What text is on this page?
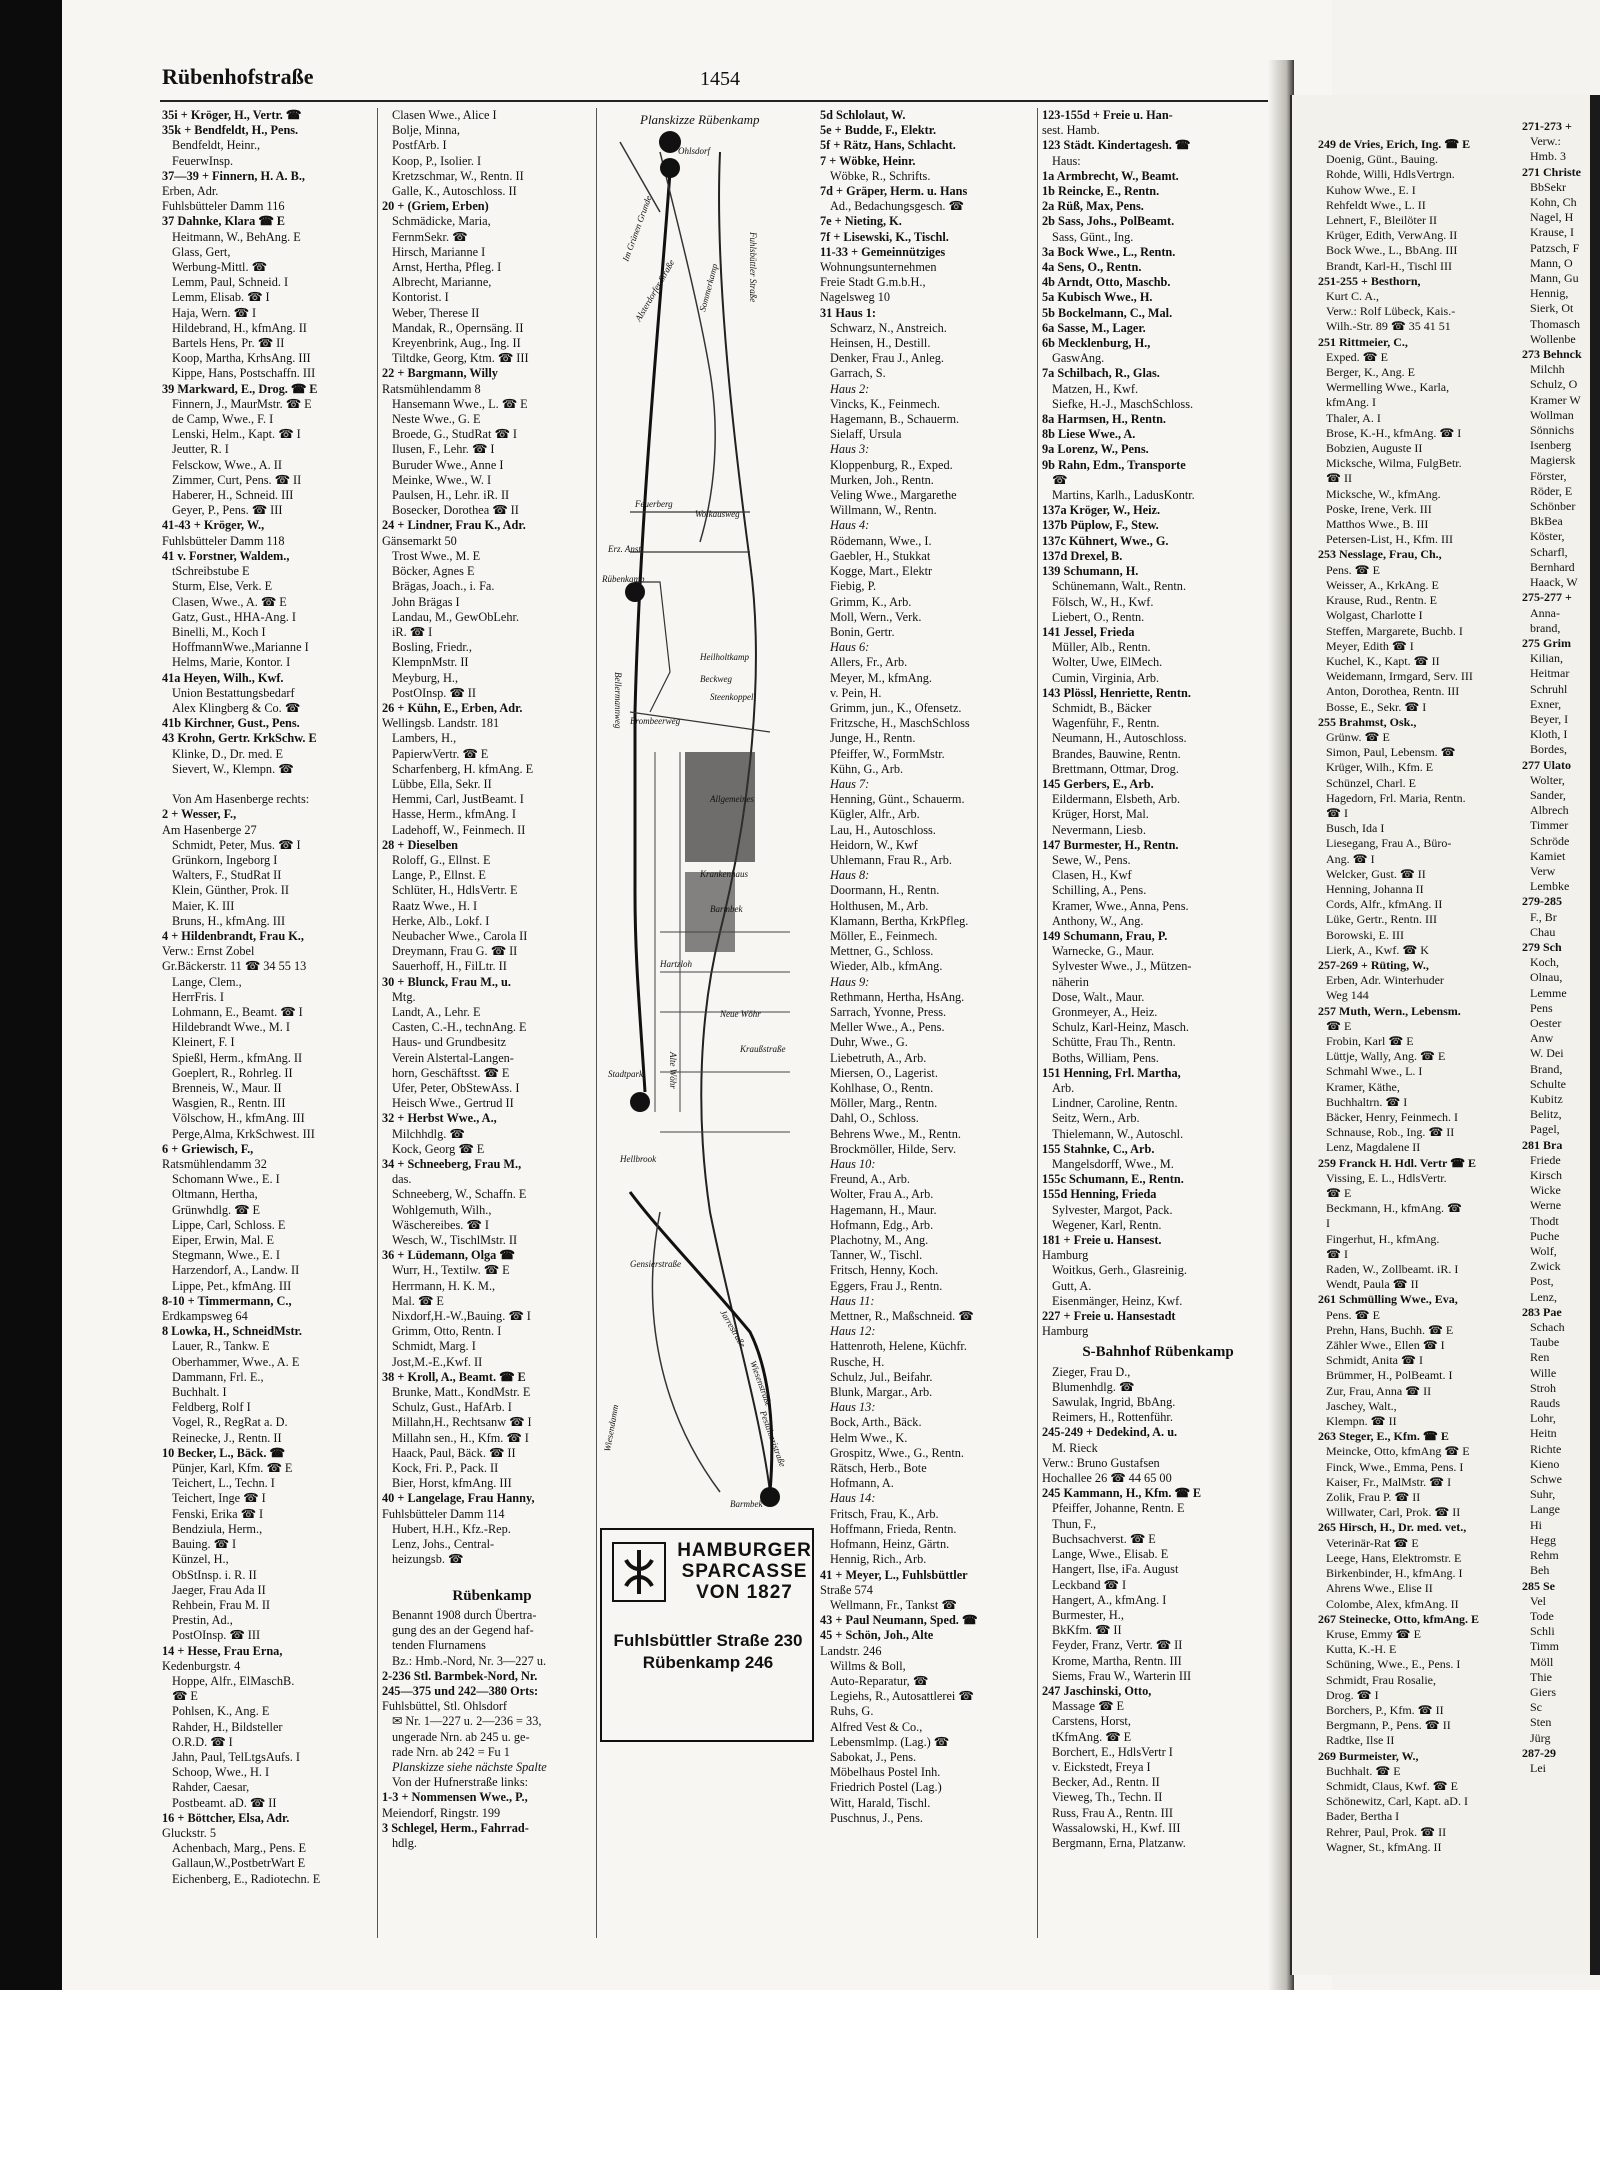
Rübenhofstraße	1454
35i + Kröger, H., Vertr. ☎
35k + Bendfeldt, H., Pens.
Bendfeldt, Heinr.,
FeuerwInsp.
37—39 + Finnern, H. A. B.,
Erben, Adr.
Fuhlsbütteler Damm 116
37 Dahnke, Klara ☎ E
Heitmann, W., BehAng. E
Glass, Gert,
Werbung-Mittl. ☎
Lemm, Paul, Schneid. I
Lemm, Elisab. ☎ I
Haja, Wern. ☎ I
Hildebrand, H., kfmAng. II
Bartels Hens, Pr. ☎ II
Koop, Martha, KrhsAng. III
Kippe, Hans, Postschaffn. III
39 Markward, E., Drog. ☎ E
Finnern, J., MaurMstr. ☎ E
de Camp, Wwe., F. I
Lenski, Helm., Kapt. ☎ I
Jeutter, R. I
Felsckow, Wwe., A. II
Zimmer, Curt, Pens. ☎ II
Haberer, H., Schneid. III
Geyer, P., Pens. ☎ III
41-43 + Kröger, W.,
Fuhlsbütteler Damm 118
41 v. Forstner, Waldem.,
tSchreibstube E
Sturm, Else, Verk. E
Clasen, Wwe., A. ☎ E
Gatz, Gust., HHA-Ang. I
Binelli, M., Koch I
HoffmannWwe.,Marianne I
Helms, Marie, Kontor. I
41a Heyen, Wilh., Kwf.
Union Bestattungsbedarf
Alex Klingberg & Co. ☎
41b Kirchner, Gust., Pens.
43 Krohn, Gertr. KrkSchw. E
Klinke, D., Dr. med. E
Sievert, W., Klempn. ☎

Von Am Hasenberge rechts:
2 + Wesser, F.,
Am Hasenberge 27
Schmidt, Peter, Mus. ☎ I
Grünkorn, Ingeborg I
Walters, F., StudRat II
Klein, Günther, Prok. II
Maier, K. III
Bruns, H., kfmAng. III
4 + Hildenbrandt, Frau K.,
Verw.: Ernst Zobel
Gr.Bäckerstr. 11 ☎ 34 55 13
Lange, Clem.,
HerrFris. I
Lohmann, E., Beamt. ☎ I
Hildebrandt Wwe., M. I
Kleinert, F. I
Spießl, Herm., kfmAng. II
Goeplert, R., Rohrleg. II
Brenneis, W., Maur. II
Wasgien, R., Rentn. III
Völschow, H., kfmAng. III
Perge,Alma, KrkSchwest. III
6 + Griewisch, F.,
Ratsmühlendamm 32
Schomann Wwe., E. I
Oltmann, Hertha,
Grünwhdlg. ☎ E
Lippe, Carl, Schloss. E
Eiper, Erwin, Mal. E
Stegmann, Wwe., E. I
Harzendorf, A., Landw. II
Lippe, Pet., kfmAng. III
8-10 + Timmermann, C.,
Erdkampsweg 64
8 Lowka, H., SchneidMstr.
Lauer, R., Tankw. E
Oberhammer, Wwe., A. E
Dammann, Frl. E.,
Buchhalt. I
Feldberg, Rolf I
Vogel, R., RegRat a. D.
Reinecke, J., Rentn. II
10 Becker, L., Bäck. ☎
Pünjer, Karl, Kfm. ☎ E
Teichert, L., Techn. I
Teichert, Inge ☎ I
Fenski, Erika ☎ I
Bendziula, Herm.,
Bauing. ☎ I
Künzel, H.,
ObStInsp. i. R. II
Jaeger, Frau Ada II
Rehbein, Frau M. II
Prestin, Ad.,
PostOInsp. ☎ III
14 + Hesse, Frau Erna,
Kedenburgstr. 4
Hoppe, Alfr., ElMaschB.
☎ E
Pohlsen, K., Ang. E
Rahder, H., Bildsteller
O.R.D. ☎ I
Jahn, Paul, TelLtgsAufs. I
Schoop, Wwe., H. I
Rahder, Caesar,
Postbeamt. aD. ☎ II
16 + Böttcher, Elsa, Adr.
Gluckstr. 5
Achenbach, Marg., Pens. E
Gallaun,W.,PostbetrWart E
Eichenberg, E., Radiotechn. E
Clasen Wwe., Alice I
Bolje, Minna,
PostfArb. I
Koop, P., Isolier. I
Kretzschmar, W., Rentn. II
Galle, K., Autoschloss. II
20 + (Griem, Erben)
Schmädicke, Maria,
FernmSekr. ☎
Hirsch, Marianne I
Arnst, Hertha, Pfleg. I
Albrecht, Marianne,
Kontorist. I
Weber, Therese II
Mandak, R., Opernsäng. II
Kreyenbrink, Aug., Ing. II
Tiltdke, Georg, Ktm. ☎ III
22 + Bargmann, Willy
Ratsmühlendamm 8
Hansemann Wwe., L. ☎ E
Neste Wwe., G. E
Broede, G., StudRat ☎ I
Ilusen, F., Lehr. ☎ I
Buruder Wwe., Anne I
Meinke, Wwe., W. I
Paulsen, H., Lehr. iR. II
Bosecker, Dorothea ☎ II
24 + Lindner, Frau K., Adr.
Gänsemarkt 50
Trost Wwe., M. E
Böcker, Agnes E
Brägas, Joach., i. Fa.
John Brägas I
Landau, M., GewObLehr.
iR. ☎ I
Bosling, Friedr.,
KlempnMstr. II
Meyburg, H.,
PostOInsp. ☎ II
26 + Kühn, E., Erben, Adr.
Wellingsb. Landstr. 181
Lambers, H.,
PapierwVertr. ☎ E
Scharfenberg, H. kfmAng. E
Lübbe, Ella, Sekr. II
Hemmi, Carl, JustBeamt. I
Hasse, Herm., kfmAng. I
Ladehoff, W., Feinmech. II
28 + Dieselben
Roloff, G., Ellnst. E
Lange, P., Ellnst. E
Schlüter, H., HdlsVertr. E
Raatz Wwe., H. I
Herke, Alb., Lokf. I
Neubacher Wwe., Carola II
Dreymann, Frau G. ☎ II
Sauerhoff, H., FilLtr. II
30 + Blunck, Frau M., u.
Mtg.
Landt, A., Lehr. E
Casten, C.-H., technAng. E
Haus- und Grundbesitz
Verein Alstertal-Langen-
horn, Geschäftsst. ☎ E
Ufer, Peter, ObStewAss. I
Heisch Wwe., Gertrud II
32 + Herbst Wwe., A.,
Milchhdlg. ☎
Kock, Georg ☎ E
34 + Schneeberg, Frau M.,
das.
Schneeberg, W., Schaffn. E
Wohlgemuth, Wilh.,
Wäschereibes. ☎ I
Wesch, W., TischlMstr. II
36 + Lüdemann, Olga ☎
Wurr, H., Textilw. ☎ E
Herrmann, H. K. M.,
Mal. ☎ E
Nixdorf,H.-W.,Bauing. ☎ I
Grimm, Otto, Rentn. I
Schmidt, Marg. I
Jost,M.-E.,Kwf. II
38 + Kroll, A., Beamt. ☎ E
Brunke, Matt., KondMstr. E
Schulz, Gust., HafArb. I
Millahn,H., Rechtsanw ☎ I
Millahn sen., H., Kfm. ☎ I
Haack, Paul, Bäck. ☎ II
Kock, Fri. P., Pack. II
Bier, Horst, kfmAng. III
40 + Langelage, Frau Hanny,
Fuhlsbütteler Damm 114
Hubert, H.H., Kfz.-Rep.
Lenz, Johs., Central-
heizungsb. ☎

Rübenkamp
Benannt 1908 durch Übertra-
gung des an der Gegend haf-
tenden Flurnamens
Bz.: Hmb.-Nord, Nr. 3—227 u.
2-236 Stl. Barmbek-Nord, Nr.
245—375 und 242—380 Orts:
Fuhlsbüttel, Stl. Ohlsdorf
✉ Nr. 1—227 u. 2—236 = 33,
ungerade Nrn. ab 245 u. ge-
rade Nrn. ab 242 = Fu 1
Planskizze siehe nächste Spalte
Von der Hufnerstraße links:
1-3 + Nommensen Wwe., P.,
Meiendorf, Ringstr. 199
3 Schlegel, Herm., Fahrrad-
hdlg.
Planskizze Rübenkamp
Ohlsdorf
Fuhlsbüttler Straße
Im Grünen Grunde
Alsterdorfer Straße Sommerkamp
Feuerberg
Wolkausweg
Erz. Anst.
Heilholtkamp
Bellermannweg	Beckweg
Steenkoppel
Brombeerweg
Rübenkamp
Allgemeines
Krankenhaus
Barmbek
Hartzloh
Neue Wöhr
Stadtpark	Alte Wöhr
Wiesendamm
Hellbrook
Gensierstraße
Kraußstraße
Jarrestraße
Wiesenstraße
Pestalozzistraße
Barmbek
HAMBURGER SPARCASSE VON 1827
Fuhlsbüttler Straße 230
Rübenkamp 246
5d Schlolaut, W.
5e + Budde, F., Elektr.
5f + Rätz, Hans, Schlacht.
7 + Wöbke, Heinr.
Wöbke, R., Schrifts.
7d + Gräper, Herm. u. Hans
Ad., Bedachungsgesch. ☎
7e + Nieting, K.
7f + Lisewski, K., Tischl.
11-33 + Gemeinnütziges
Wohnungsunternehmen
Freie Stadt G.m.b.H.,
Nagelsweg 10
31 Haus 1:
Schwarz, N., Anstreich.
Heinsen, H., Destill.
Denker, Frau J., Anleg.
Garrach, S.
Haus 2:
Vincks, K., Feinmech.
Hagemann, B., Schauerm.
Sielaff, Ursula
Haus 3:
Kloppenburg, R., Exped.
Murken, Joh., Rentn.
Veling Wwe., Margarethe
Willmann, W., Rentn.
Haus 4:
Rödemann, Wwe., I.
Gaebler, H., Stukkat
Kogge, Mart., Elektr
Fiebig, P.
Grimm, K., Arb.
Moll, Wern., Verk.
Bonin, Gertr.
Haus 6:
Allers, Fr., Arb.
Meyer, M., kfmAng.
v. Pein, H.
Grimm, jun., K., Ofensetz.
Fritzsche, H., MaschSchloss
Junge, H., Rentn.
Pfeiffer, W., FormMstr.
Kühn, G., Arb.
Haus 7:
Henning, Günt., Schauerm.
Kügler, Alfr., Arb.
Lau, H., Autoschloss.
Heidorn, W., Kwf
Uhlemann, Frau R., Arb.
Haus 8:
Doormann, H., Rentn.
Holthusen, M., Arb.
Klamann, Bertha, KrkPfleg.
Möller, E., Feinmech.
Mettner, G., Schloss.
Wieder, Alb., kfmAng.
Haus 9:
Rethmann, Hertha, HsAng.
Sarrach, Yvonne, Press.
Meller Wwe., A., Pens.
Duhr, Wwe., G.
Liebetruth, A., Arb.
Miersen, O., Lagerist.
Kohlhase, O., Rentn.
Möller, Marg., Rentn.
Dahl, O., Schloss.
Behrens Wwe., M., Rentn.
Brockmöller, Hilde, Serv.
Haus 10:
Freund, A., Arb.
Wolter, Frau A., Arb.
Hagemann, H., Maur.
Hofmann, Edg., Arb.
Plachotny, M., Ang.
Tanner, W., Tischl.
Fritsch, Henny, Koch.
Eggers, Frau J., Rentn.
Haus 11:
Mettner, R., Maßschneid. ☎
Haus 12:
Hattenroth, Helene, Küchfr.
Rusche, H.
Schulz, Jul., Beifahr.
Blunk, Margar., Arb.
Haus 13:
Bock, Arth., Bäck.
Helm Wwe., K.
Grospitz, Wwe., G., Rentn.
Rätsch, Herb., Bote
Hofmann, A.
Haus 14:
Fritsch, Frau, K., Arb.
Hoffmann, Frieda, Rentn.
Hofmann, Heinz, Gärtn.
Hennig, Rich., Arb.
41 + Meyer, L., Fuhlsbüttler
Straße 574
Wellmann, Fr., Tankst ☎
43 + Paul Neumann, Sped. ☎
45 + Schön, Joh., Alte
Landstr. 246
Willms & Boll,
Auto-Reparatur, ☎
Legiehs, R., Autosattlerei ☎
Ruhs, G.
Alfred Vest & Co.,
Lebensmlmp. (Lag.) ☎
Sabokat, J., Pens.
Möbelhaus Postel Inh.
Friedrich Postel (Lag.)
Witt, Harald, Tischl.
Puschnus, J., Pens.
123-155d + Freie u. Han-
sest. Hamb.
123 Städt. Kindertagesh. ☎
Haus:
1a Armbrecht, W., Beamt.
1b Reincke, E., Rentn.
2a Rüß, Max, Pens.
2b Sass, Johs., PolBeamt.
Sass, Günt., Ing.
3a Bock Wwe., L., Rentn.
4a Sens, O., Rentn.
4b Arndt, Otto, Maschb.
5a Kubisch Wwe., H.
5b Bockelmann, C., Mal.
6a Sasse, M., Lager.
6b Mecklenburg, H.,
GaswAng.
7a Schilbach, R., Glas.
Matzen, H., Kwf.
Siefke, H.-J., MaschSchloss.
8a Harmsen, H., Rentn.
8b Liese Wwe., A.
9a Lorenz, W., Pens.
9b Rahn, Edm., Transporte
☎
Martins, Karlh., LadusKontr.
137a Kröger, W., Heiz.
137b Püplow, F., Stew.
137c Kühnert, Wwe., G.
137d Drexel, B.
139 Schumann, H.
Schünemann, Walt., Rentn.
Fölsch, W., H., Kwf.
Liebert, O., Rentn.
141 Jessel, Frieda
Müller, Alb., Rentn.
Wolter, Uwe, ElMech.
Cumin, Virginia, Arb.
143 Plössl, Henriette, Rentn.
Schmidt, B., Bäcker
Wagenführ, F., Rentn.
Neumann, H., Autoschloss.
Brandes, Bauwine, Rentn.
Brettmann, Ottmar, Drog.
145 Gerbers, E., Arb.
Eildermann, Elsbeth, Arb.
Krüger, Horst, Mal.
Nevermann, Liesb.
147 Burmester, H., Rentn.
Sewe, W., Pens.
Clasen, H., Kwf
Schilling, A., Pens.
Kramer, Wwe., Anna, Pens.
Anthony, W., Ang.
149 Schumann, Frau, P.
Warnecke, G., Maur.
Sylvester Wwe., J., Mützen-
näherin
Dose, Walt., Maur.
Gronmeyer, A., Heiz.
Schulz, Karl-Heinz, Masch.
Schütte, Frau Th., Rentn.
Boths, William, Pens.
151 Henning, Frl. Martha,
Arb.
Lindner, Caroline, Rentn.
Seitz, Wern., Arb.
Thielemann, W., Autoschl.
155 Stahnke, C., Arb.
Mangelsdorff, Wwe., M.
155c Schumann, E., Rentn.
155d Henning, Frieda
Sylvester, Margot, Pack.
Wegener, Karl, Rentn.
181 + Freie u. Hansest.
Hamburg
Woitkus, Gerh., Glasreinig.
Gutt, A.
Eisenmänger, Heinz, Kwf.
227 + Freie u. Hansestadt
Hamburg
S-Bahnhof Rübenkamp
Zieger, Frau D.,
Blumenhdlg. ☎
Sawulak, Ingrid, BbAng.
Reimers, H., Rottenführ.
245-249 + Dedekind, A. u.
M. Rieck
Verw.: Bruno Gustafsen
Hochallee 26 ☎ 44 65 00
245 Kammann, H., Kfm. ☎ E
Pfeiffer, Johanne, Rentn. E
Thun, F.,
Buchsachverst. ☎ E
Lange, Wwe., Elisab. E
Hangert, Ilse, iFa. August
Leckband ☎ I
Hangert, A., kfmAng. I
Burmester, H.,
BkKfm. ☎ II
Feyder, Franz, Vertr. ☎ II
Krome, Martha, Rentn. III
Siems, Frau W., Warterin III
247 Jaschinski, Otto,
Massage ☎ E
Carstens, Horst,
tKfmAng. ☎ E
Borchert, E., HdlsVertr I
v. Eickstedt, Freya I
Becker, Ad., Rentn. II
Vieweg, Th., Techn. II
Russ, Frau A., Rentn. III
Wassalowski, H., Kwf. III
Bergmann, Erna, Platzanw.
249 de Vries, Erich, Ing. ☎ E
Doenig, Günt., Bauing.
Rohde, Willi, HdlsVertrgn.
Kuhow Wwe., E. I
Rehfeldt Wwe., L. II
Lehnert, F., Bleilöter II
Krüger, Edith, VerwAng. II
Bock Wwe., L., BbAng. III
Brandt, Karl-H., Tischl III
251-255 + Besthorn,
Kurt C. A.,
Verw.: Rolf Lübeck, Kais.-
Wilh.-Str. 89 ☎ 35 41 51
251 Rittmeier, C.,
Exped. ☎ E
Berger, K., Ang. E
Wermelling Wwe., Karla,
kfmAng. I
Thaler, A. I
Brose, K.-H., kfmAng. ☎ I
Bobzien, Auguste II
Micksche, Wilma, FulgBetr.
☎ II
Micksche, W., kfmAng.
Poske, Irene, Verk. III
Matthos Wwe., B. III
Petersen-List, H., Kfm. III
253 Nesslage, Frau, Ch.,
Pens. ☎ E
Weisser, A., KrkAng. E
Krause, Rud., Rentn. E
Wolgast, Charlotte I
Steffen, Margarete, Buchb. I
Meyer, Edith ☎ I
Kuchel, K., Kapt. ☎ II
Weidemann, Irmgard, Serv. III
Anton, Dorothea, Rentn. III
Bosse, E., Sekr. ☎ I
255 Brahmst, Osk.,
Grünw. ☎ E
Simon, Paul, Lebensm. ☎
Krüger, Wilh., Kfm. E
Schünzel, Charl. E
Hagedorn, Frl. Maria, Rentn.
☎ I
Busch, Ida I
Liesegang, Frau A., Büro-
Ang. ☎ I
Welcker, Gust. ☎ II
Henning, Johanna II
Cords, Alfr., kfmAng. II
Lüke, Gertr., Rentn. III
Borowski, E. III
Lierk, A., Kwf. ☎ K
257-269 + Rüting, W.,
Erben, Adr. Winterhuder
Weg 144
257 Muth, Wern., Lebensm.
☎ E
Frobin, Karl ☎ E
Lüttje, Wally, Ang. ☎ E
Schmahl Wwe., L. I
Kramer, Käthe,
Buchhaltrn. ☎ I
Bäcker, Henry, Feinmech. I
Schnause, Rob., Ing. ☎ II
Lenz, Magdalene II
259 Franck H. Hdl. Vertr ☎ E
Vissing, E. L., HdlsVertr.
☎ E
Beckmann, H., kfmAng. ☎
I
Fingerhut, H., kfmAng.
☎ I
Raden, W., Zollbeamt. iR. I
Wendt, Paula ☎ II
261 Schmülling Wwe., Eva,
Pens. ☎ E
Prehn, Hans, Buchh. ☎ E
Zähler Wwe., Ellen ☎ I
Schmidt, Anita ☎ I
Brümmer, H., PolBeamt. I
Zur, Frau, Anna ☎ II
Jaschey, Walt.,
Klempn. ☎ II
263 Steger, E., Kfm. ☎ E
Meincke, Otto, kfmAng ☎ E
Finck, Wwe., Emma, Pens. I
Kaiser, Fr., MalMstr. ☎ I
Zolik, Frau P. ☎ II
Willwater, Carl, Prok. ☎ II
265 Hirsch, H., Dr. med. vet.,
Veterinär-Rat ☎ E
Leege, Hans, Elektromstr. E
Birkenbinder, H., kfmAng. I
Ahrens Wwe., Elise II
Colombe, Alex, kfmAng. II
267 Steinecke, Otto, kfmAng. E
Kruse, Emmy ☎ E
Kutta, K.-H. E
Schüning, Wwe., E., Pens. I
Schmidt, Frau Rosalie,
Drog. ☎ I
Borchers, P., Kfm. ☎ II
Bergmann, P., Pens. ☎ II
Radtke, Ilse II
269 Burmeister, W.,
Buchhalt. ☎ E
Schmidt, Claus, Kwf. ☎ E
Schönewitz, Carl, Kapt. aD. I
Bader, Bertha I
Rehrer, Paul, Prok. ☎ II
Wagner, St., kfmAng. II
271-273 +
Verw.:
Hmb. 3
271 Christe
BbSekr
Kohn, Ch
Nagel, H
Krause, I
Patzsch, F
Mann, O
Mann, Gu
Hennig,
Sierk, Ot
Thomasch
Wollenbe
273 Behnck
Milchh
Schulz, O
Kramer W
Wollman
Sönnichs
Isenberg
Magiersk
Förster,
Röder, E
Schönber
BkBea
Köster,
Scharfl,
Bernhard
Haack, W
275-277 +
Anna-
brand,
275 Grim
Kilian,
Heitmar
Schruhl
Exner,
Beyer, I
Kloth, I
Bordes,
277 Ulato
Wolter,
Sander,
Albrech
Timmer
Schröde
Kamiet
Verw
Lembke
279-285
F., Br
Chau
279 Sch
Koch,
Olnau,
Lemme
Pens
Oester
Anw
W. Dei
Brand,
Schulte
Kubitz
Belitz,
Pagel,
281 Bra
Friede
Kirsch
Wicke
Werne
Thodt
Puche
Wolf,
Zwick
Post,
Lenz,
283 Pae
Schach
Taube
Ren
Wille
Stroh
Rauds
Lohr,
Heitn
Richte
Kieno
Schwe
Suhr,
Lange
Hi
Hegg
Rehm
Beh
285 Se
Vel
Tode
Schli
Timm
Möll
Thie
Giers
Sc
Sten
Jürg
287-29
Lei
